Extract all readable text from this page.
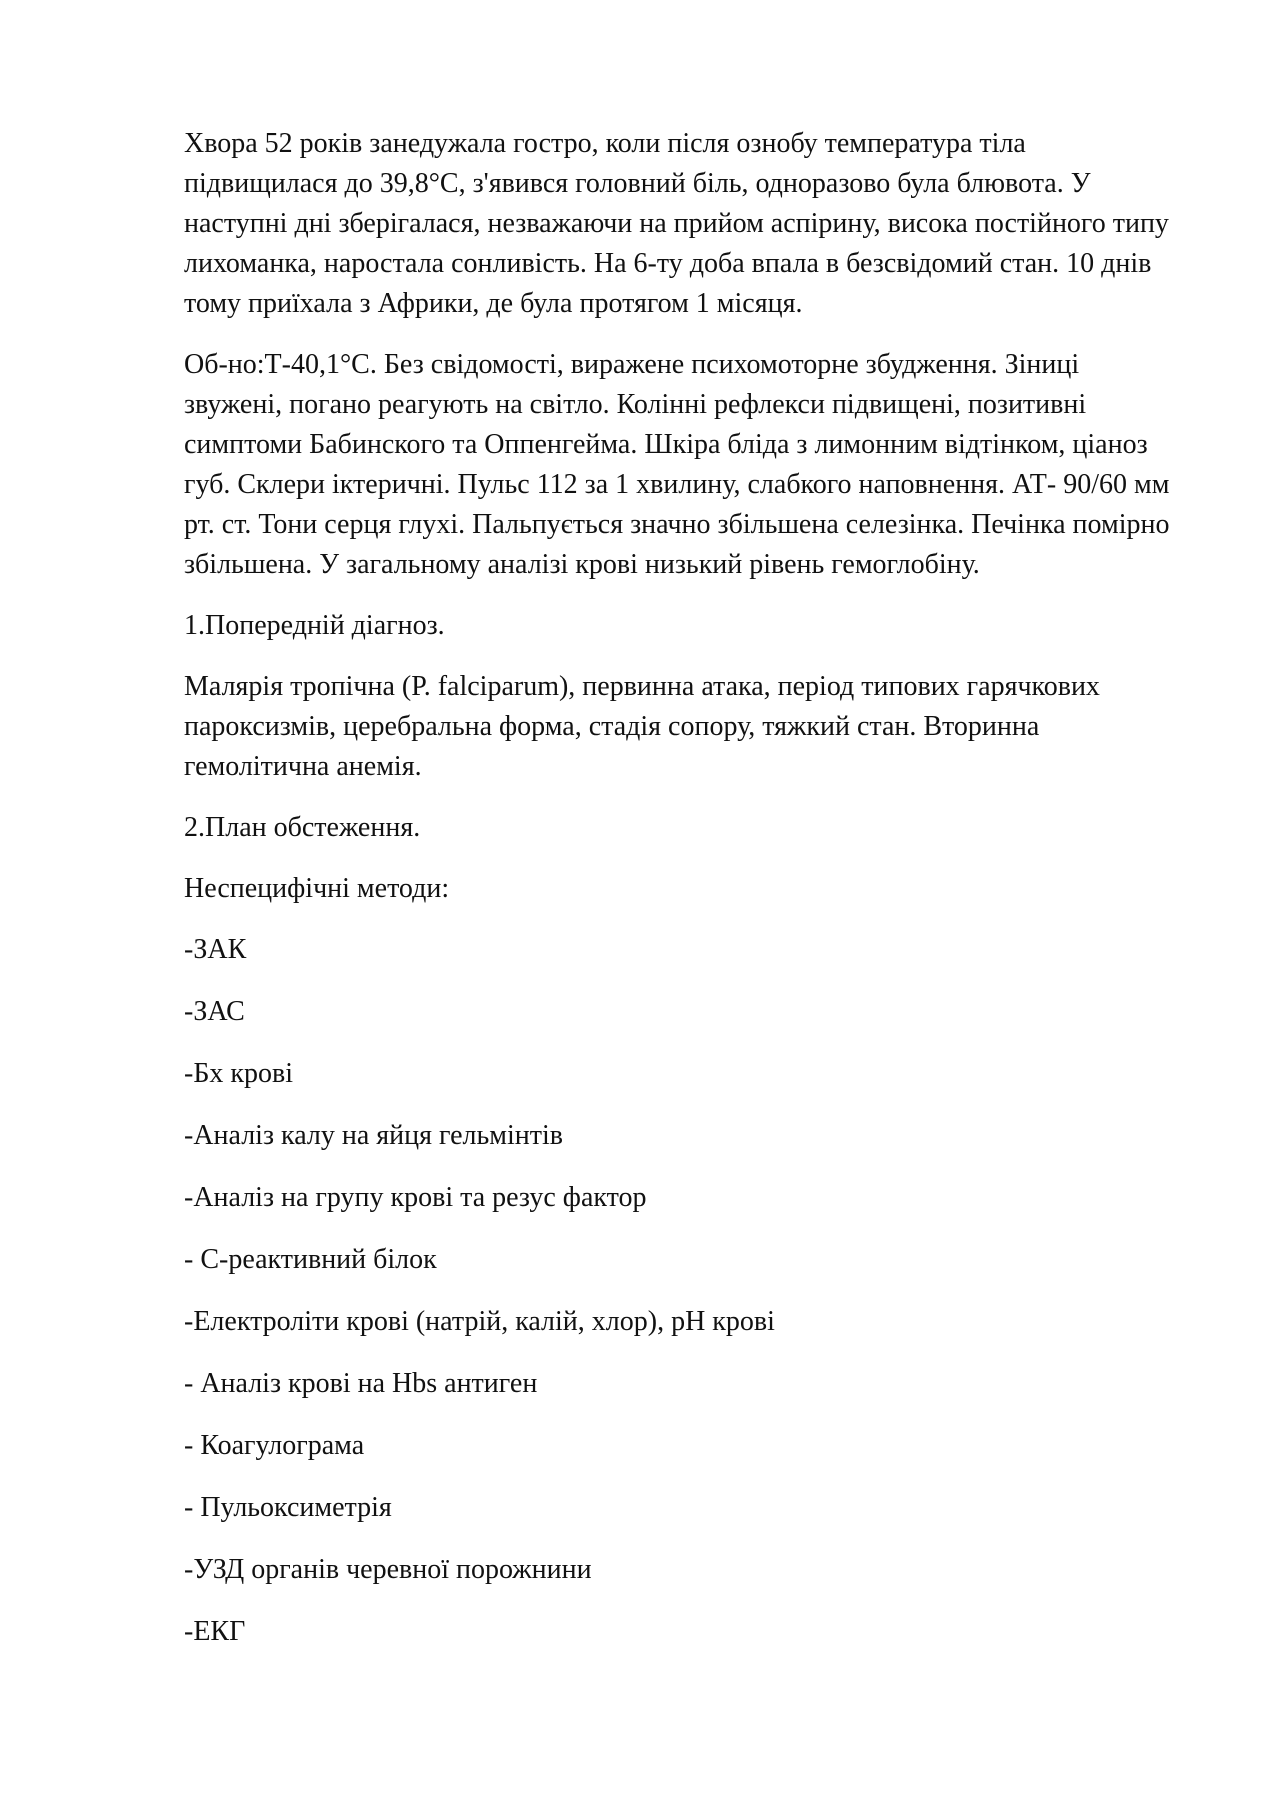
Хвора 52 років занедужала гостро, коли після ознобу температура тіла підвищилася до 39,8°С, з'явився головний біль, одноразово була блювота. У наступні дні зберігалася, незважаючи на прийом аспірину, висока постійного типу лихоманка, наростала сонливість. На 6-ту доба впала в безсвідомий стан. 10 днів тому приїхала з Африки, де була протягом 1 місяця.

Об-но:Т-40,1°С. Без свідомості, виражене психомоторне збудження. Зіниці звужені, погано реагують на світло. Колінні рефлекси підвищені, позитивні симптоми Бабинского та Оппенгейма. Шкіра бліда з лимонним відтінком, ціаноз губ. Склери іктеричні. Пульс 112 за 1 хвилину, слабкого наповнення. АТ- 90/60 мм рт. ст. Тони серця глухі. Пальпується значно збільшена селезінка. Печінка помірно збільшена. У загальному аналізі крові низький рівень гемоглобіну.

1.Попередній діагноз.

Малярія тропічна (P. falciparum), первинна атака, період типових гарячкових пароксизмів, церебральна форма, стадія сопору, тяжкий стан. Вторинна гемолітична анемія.

2.План обстеження.

Неспецифічні методи:

-ЗАК

-ЗАС

-Бх крові

-Аналіз калу на яйця гельмінтів

-Аналіз на групу крові та резус фактор

- С-реактивний білок

-Електроліти крові (натрій, калій, хлор), рН крові

- Аналіз крові на Hbs антиген

- Коагулограма

- Пульоксиметрія

-УЗД органів черевної порожнини

-ЕКГ
